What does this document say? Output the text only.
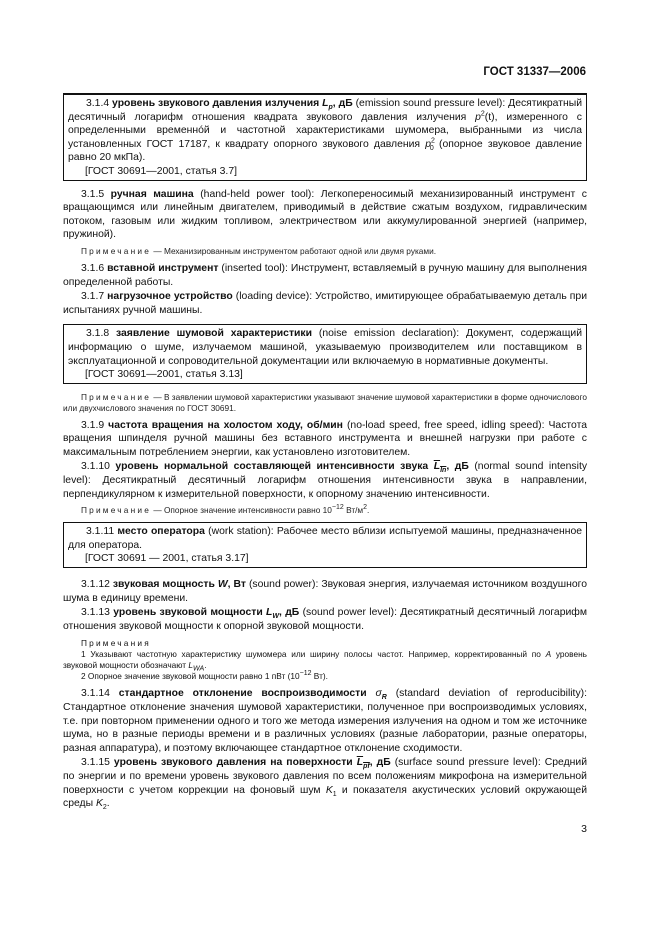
ГОСТ 31337—2006

3.1.4 уровень звукового давления излучения $L_p$, дБ (emission sound pressure level): Десятикратный десятичный логарифм отношения квадрата звукового давления излучения $p^2(t)$, измеренного с определенными временнóй и частотной характеристиками шумомера, выбранными из числа установленных ГОСТ 17187, к квадрату опорного звукового давления $p^2_0$ (опорное звуковое давление равно 20 мкПа).

[ГОСТ 30691—2001, статья 3.7]

3.1.5 ручная машина (hand-held power tool): Легкопереносимый механизированный инструмент с вращающимся или линейным двигателем, приводимый в действие сжатым воздухом, гидравлическим потоком, газовым или жидким топливом, электричеством или аккумулированной энергией (например, пружиной).

Примечание — Механизированным инструментом работают одной или двумя руками.

3.1.6 вставной инструмент (inserted tool): Инструмент, вставляемый в ручную машину для выполнения определенной работы.

3.1.7 нагрузочное устройство (loading device): Устройство, имитирующее обрабатываемую деталь при испытаниях ручной машины.

3.1.8 заявление шумовой характеристики (noise emission declaration): Документ, содержащий информацию о шуме, излучаемом машиной, указываемую производителем или поставщиком в эксплуатационной и сопроводительной документации или включаемую в нормативные документы.

[ГОСТ 30691—2001, статья 3.13]

Примечание — В заявлении шумовой характеристики указывают значение шумовой характеристики в форме одночислового или двухчислового значения по ГОСТ 30691.

3.1.9 частота вращения на холостом ходу, об/мин (no-load speed, free speed, idling speed): Частота вращения шпинделя ручной машины без вставного инструмента и внешней нагрузки при работе с максимальным потреблением энергии, как установлено изготовителем.

3.1.10 уровень нормальной составляющей интенсивности звука $L_{In}$, дБ (normal sound intensity level): Десятикратный десятичный логарифм отношения интенсивности звука в направлении, перпендикулярном к измерительной поверхности, к опорному значению интенсивности.

Примечание — Опорное значение интенсивности равно $10^{-12}$ $Вт/м^2$.

3.1.11 место оператора (work station): Рабочее место вблизи испытуемой машины, предназначенное для оператора.

[ГОСТ 30691 — 2001, статья 3.17]

3.1.12 звуковая мощность W, Вт (sound power): Звуковая энергия, излучаемая источником воздушного шума в единицу времени.

3.1.13 уровень звуковой мощности $L_W$, дБ (sound power level): Десятикратный десятичный логарифм отношения звуковой мощности к опорной звуковой мощности.

Примечания

1 Указывают частотную характеристику шумомера или ширину полосы частот. Например, корректированный по А уровень звуковой мощности обозначают $L_{WA}$.

2 Опорное значение звуковой мощности равно 1 пВт ($10^{-12}$ Вт).

3.1.14 стандартное отклонение воспроизводимости $\sigma_R$ (standard deviation of reproducibility): Стандартное отклонение значения шумовой характеристики, полученное при воспроизводимых условиях, т.е. при повторном применении одного и того же метода измерения излучения на одном и том же источнике шума, но в разные периоды времени и в различных условиях (разные лаборатории, разные операторы, разная аппаратура), и поэтому включающее стандартное отклонение сходимости.

3.1.15 уровень звукового давления на поверхности $L_{pf}$, дБ (surface sound pressure level): Средний по энергии и по времени уровень звукового давления по всем положениям микрофона на измерительной поверхности с учетом коррекции на фоновый шум $K_1$ и показателя акустических условий окружающей среды $K_2$.

3
